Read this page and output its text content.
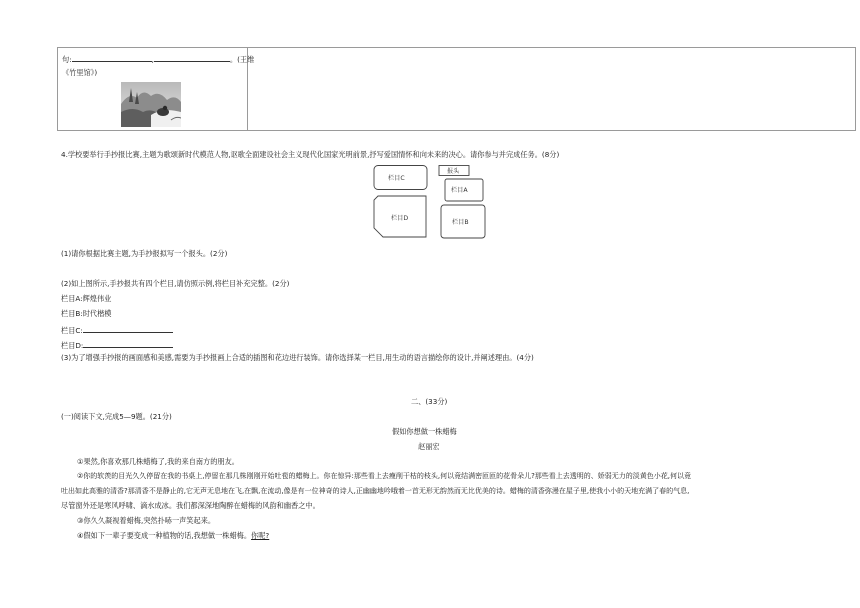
句:	,	。(王维
《竹里馆》)
4.学校要举行手抄报比赛,主题为歌颂新时代模范人物,讴歌全面建设社会主义现代化国家光明前景,抒写爱国情怀和向未来的决心。请你参与并完成任务。(8分)
栏目C
报头
栏目A
栏目D
栏目B
(1)请你根据比赛主题,为手抄报拟写一个报头。(2分)
(2)如上图所示,手抄报共有四个栏目,请仿照示例,将栏目补充完整。(2分)
栏目A:辉煌伟业
栏目B:时代楷模
栏目C:
栏目D:
(3)为了增强手抄报的画面感和美感,需要为手抄报画上合适的插图和花边进行装饰。请你选择某一栏目,用生动的语言描绘你的设计,并阐述理由。(4分)
二、(33分)
(一)阅读下文,完成5—9题。(21分)
假如你想做一株蜡梅
赵丽宏
①果然,你喜欢那几株蜡梅了,我的来自南方的朋友。
②你的软羡的目光久久停留在我的书桌上,停留在那几株刚刚开始吐苞的蜡梅上。你在惊异:那些看上去瘦削干枯的枝头,何以竟结满密匝匝的花骨朵儿?那些看上去透明的、娇弱无力的淡黄色小花,何以竟
吐出如此高雅的清香?那清香不是静止的,它无声无息地在飞,在飘,在流动,像是有一位神奇的诗人,正幽幽地吟哦着一首无形无韵然而无比优美的诗。蜡梅的清香弥漫在屋子里,使我小小的天地充满了春的气息,
尽管窗外还是寒风呼啸、滴水成冰。我们都深深地陶醉在蜡梅的风韵和幽香之中。
③你久久凝视着蜡梅,突然扑哧一声笑起来。
④假如下一辈子要变成一种植物的话,我想做一株蜡梅。你呢?
